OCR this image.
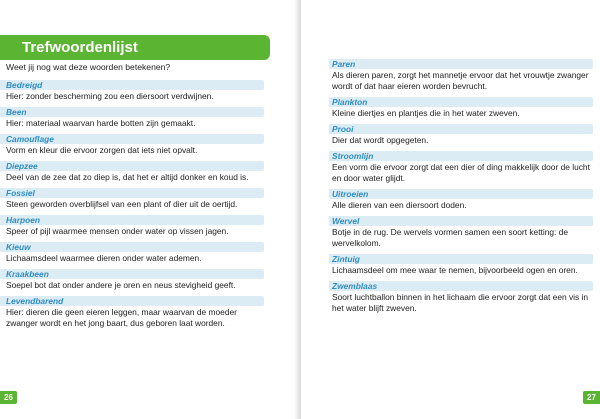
Trefwoordenlijst
Weet jij nog wat deze woorden betekenen?
Bedreigd
Hier: zonder bescherming zou een diersoort verdwijnen.
Been
Hier: materiaal waarvan harde botten zijn gemaakt.
Camouflage
Vorm en kleur die ervoor zorgen dat iets niet opvalt.
Diepzee
Deel van de zee dat zo diep is, dat het er altijd donker en koud is.
Fossiel
Steen geworden overblijfsel van een plant of dier uit de oertijd.
Harpoen
Speer of pijl waarmee mensen onder water op vissen jagen.
Kieuw
Lichaamsdeel waarmee dieren onder water ademen.
Kraakbeen
Soepel bot dat onder andere je oren en neus stevigheid geeft.
Levendbarend
Hier: dieren die geen eieren leggen, maar waarvan de moeder zwanger wordt en het jong baart, dus geboren laat worden.
26	27
Paren
Als dieren paren, zorgt het mannetje ervoor dat het vrouwtje zwanger wordt of dat haar eieren worden bevrucht.
Plankton
Kleine diertjes en plantjes die in het water zweven.
Prooi
Dier dat wordt opgegeten.
Stroomlijn
Een vorm die ervoor zorgt dat een dier of ding makkelijk door de lucht en door water glijdt.
Uitroeien
Alle dieren van een diersoort doden.
Wervel
Botje in de rug. De wervels vormen samen een soort ketting: de wervelkolom.
Zintuig
Lichaamsdeel om mee waar te nemen, bijvoorbeeld ogen en oren.
Zwemblaas
Soort luchtballon binnen in het lichaam die ervoor zorgt dat een vis in het water blijft zweven.
